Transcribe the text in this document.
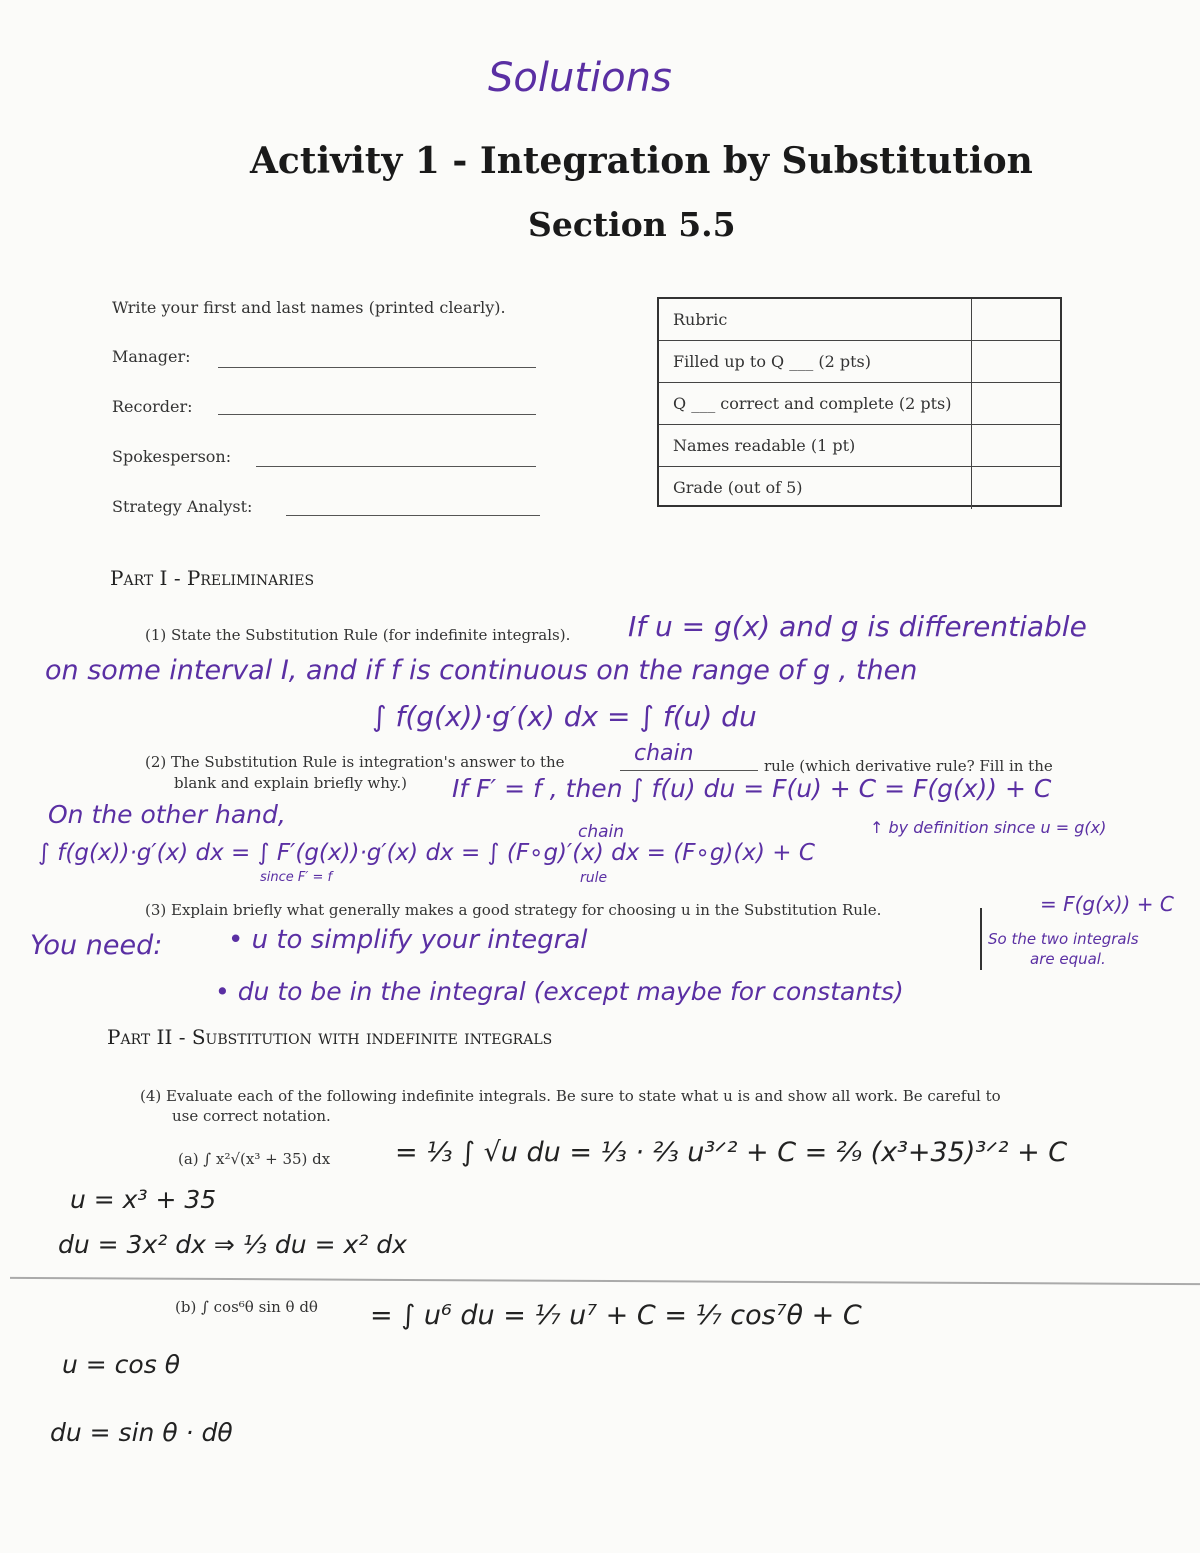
Solutions
Activity 1 - Integration by Substitution
Section 5.5
Write your first and last names (printed clearly).
Manager:
Recorder:
Spokesperson:
Strategy Analyst:
Rubric
Filled up to Q ___ (2 pts)
Q ___ correct and complete (2 pts)
Names readable (1 pt)
Grade (out of 5)
Part I - Preliminaries
(1) State the Substitution Rule (for indefinite integrals). If u = g(x) and g is differentiable
on some interval I, and if f is continuous on the range of g , then
∫ f(g(x))·g′(x) dx = ∫ f(u) du
(2) The Substitution Rule is integration's answer to the	chain	rule (which derivative rule? Fill in the
blank and explain briefly why.) If F′ = f , then ∫ f(u) du = F(u) + C = F(g(x)) + C
On the other hand,	↑ by definition since u = g(x)
chain
∫ f(g(x))·g′(x) dx = ∫ F′(g(x))·g′(x) dx = ∫ (F∘g)′(x) dx = (F∘g)(x) + C
since F′ = f	rule
(3) Explain briefly what generally makes a good strategy for choosing u in the Substitution Rule.	= F(g(x)) + C
So the two integrals
are equal.
You need:	• u to simplify your integral
• du to be in the integral (except maybe for constants)
Part II - Substitution with indefinite integrals
(4) Evaluate each of the following indefinite integrals. Be sure to state what u is and show all work. Be careful to
use correct notation.
(a) ∫ x²√(x³ + 35) dx = ⅓ ∫ √u du = ⅓ · ⅔ u³ᐟ² + C = ²⁄₉ (x³+35)³ᐟ² + C
u = x³ + 35
du = 3x² dx ⇒ ⅓ du = x² dx
(b) ∫ cos⁶θ sin θ dθ = ∫ u⁶ du = ⅐ u⁷ + C = ⅐ cos⁷θ + C
u = cos θ
du = sin θ · dθ
